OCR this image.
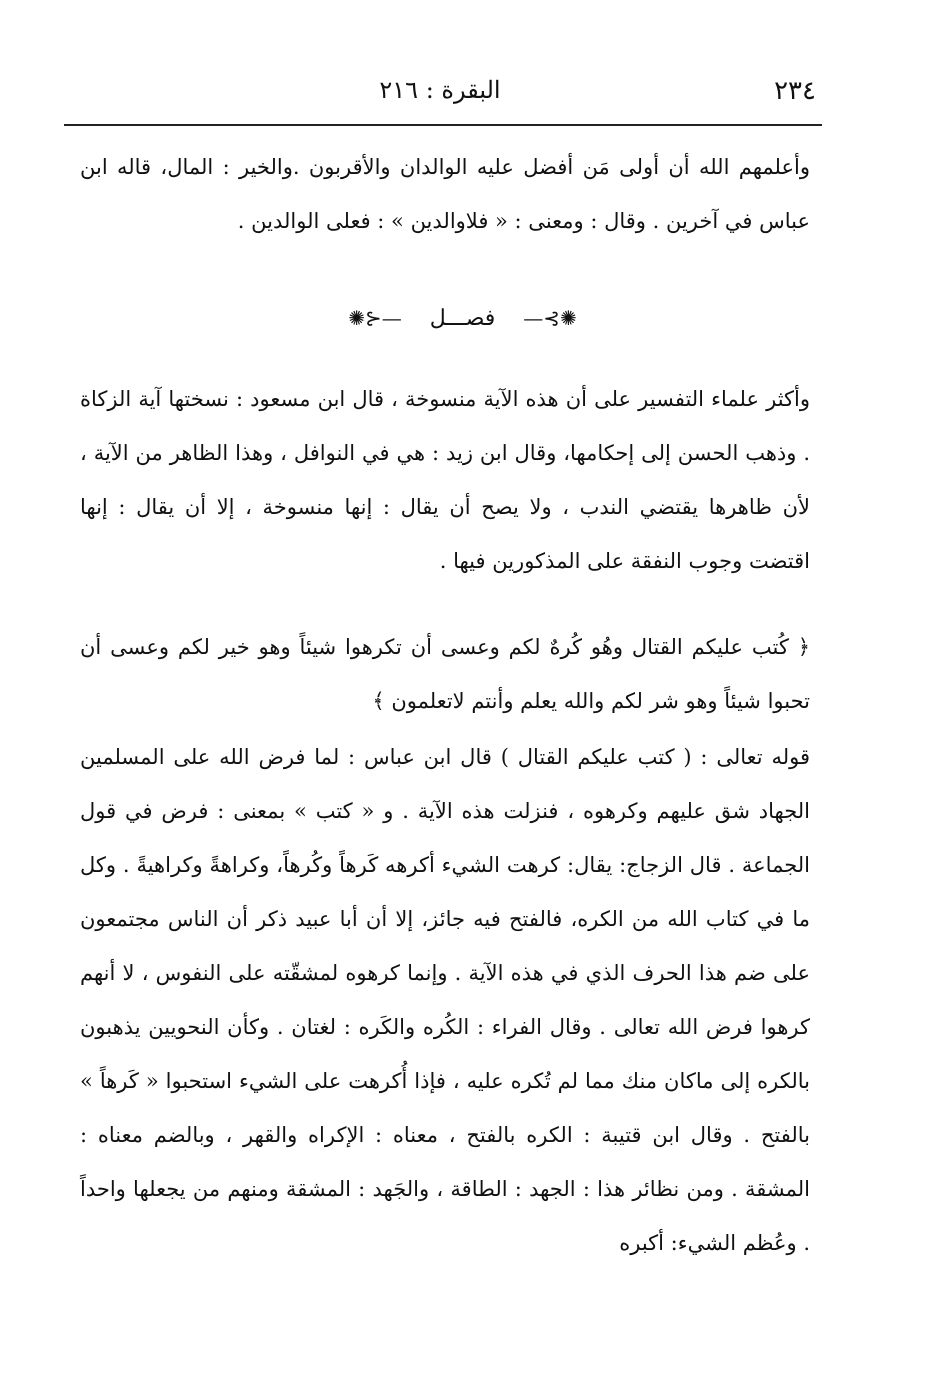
٢٣٤
البقرة : ٢١٦

وأعلمهم الله أن أولى مَن أفضل عليه الوالدان والأقربون .والخير : المال، قاله ابن عباس في آخرين . وقال : ومعنى : « فلاوالدين » : فعلى الوالدين .

✺⊱—    فصـــل    —⊰✺

وأكثر علماء التفسير على أن هذه الآية منسوخة ، قال ابن مسعود : نسختها آية الزكاة . وذهب الحسن إلى إحكامها، وقال ابن زيد : هي في النوافل ، وهذا الظاهر من الآية ، لأن ظاهرها يقتضي الندب ، ولا يصح أن يقال : إنها منسوخة ، إلا أن يقال : إنها اقتضت وجوب النفقة على المذكورين فيها .

﴿ كُتب عليكم القتال وهُو كُرهٌ لكم وعسى أن تكرهوا شيئاً وهو خير لكم وعسى أن تحبوا شيئاً وهو شر لكم والله يعلم وأنتم لاتعلمون ﴾

قوله تعالى : ( كتب عليكم القتال ) قال ابن عباس : لما فرض الله على المسلمين الجهاد شق عليهم وكرهوه ، فنزلت هذه الآية . و « كتب » بمعنى : فرض في قول الجماعة . قال الزجاج: يقال: كرهت الشيء أكرهه كَرهاً وكُرهاً، وكراهةً وكراهيةً . وكل ما في كتاب الله من الكره، فالفتح فيه جائز، إلا أن أبا عبيد ذكر أن الناس مجتمعون على ضم هذا الحرف الذي في هذه الآية . وإنما كرهوه لمشقّته على النفوس ، لا أنهم كرهوا فرض الله تعالى . وقال الفراء : الكُره والكَره : لغتان . وكأن النحويين يذهبون بالكره إلى ماكان منك مما لم تُكره عليه ، فإذا أُكرهت على الشيء استحبوا « كَرهاً » بالفتح . وقال ابن قتيبة : الكره بالفتح ، معناه : الإكراه والقهر ، وبالضم معناه : المشقة . ومن نظائر هذا : الجهد : الطاقة ، والجَهد : المشقة ومنهم من يجعلها واحداً . وعُظم الشيء: أكبره
